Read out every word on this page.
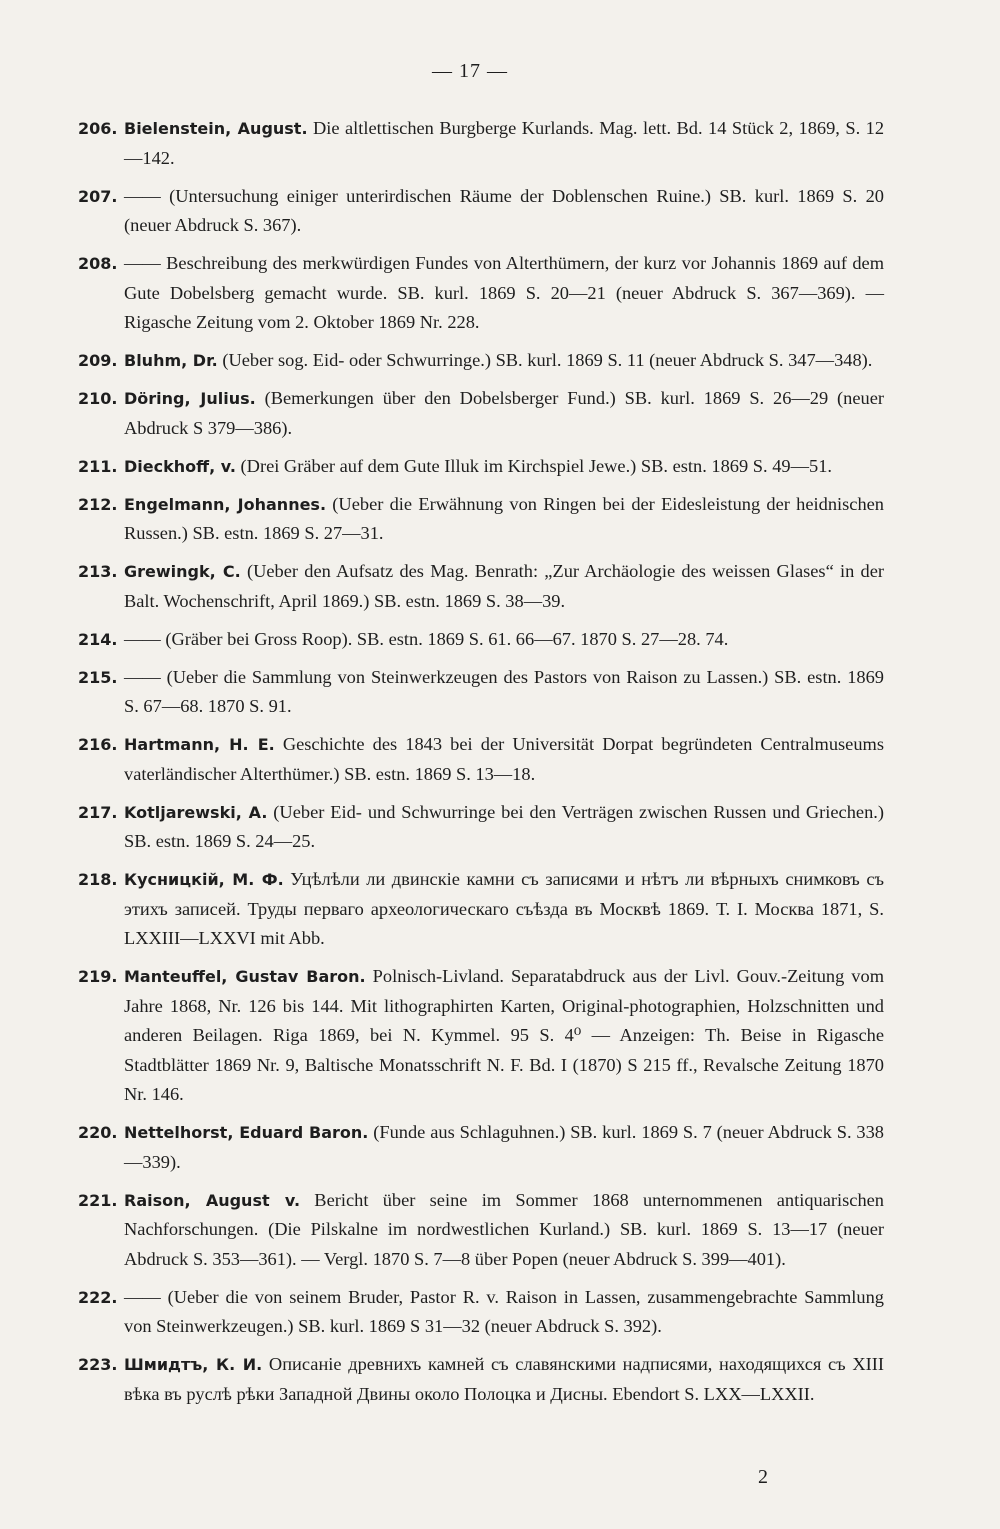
— 17 —
206. Bielenstein, August. Die altlettischen Burgberge Kurlands. Mag. lett. Bd. 14 Stück 2, 1869, S. 12—142.
207. —— (Untersuchung einiger unterirdischen Räume der Doblenschen Ruine.) SB. kurl. 1869 S. 20 (neuer Abdruck S. 367).
208. —— Beschreibung des merkwürdigen Fundes von Alterthümern, der kurz vor Johannis 1869 auf dem Gute Dobelsberg gemacht wurde. SB. kurl. 1869 S. 20—21 (neuer Abdruck S. 367—369). — Rigasche Zeitung vom 2. Oktober 1869 Nr. 228.
209. Bluhm, Dr. (Ueber sog. Eid- oder Schwurringe.) SB. kurl. 1869 S. 11 (neuer Abdruck S. 347—348).
210. Döring, Julius. (Bemerkungen über den Dobelsberger Fund.) SB. kurl. 1869 S. 26—29 (neuer Abdruck S 379—386).
211. Dieckhoff, v. (Drei Gräber auf dem Gute Illuk im Kirchspiel Jewe.) SB. estn. 1869 S. 49—51.
212. Engelmann, Johannes. (Ueber die Erwähnung von Ringen bei der Eidesleistung der heidnischen Russen.) SB. estn. 1869 S. 27—31.
213. Grewingk, C. (Ueber den Aufsatz des Mag. Benrath: „Zur Archäologie des weissen Glases“ in der Balt. Wochenschrift, April 1869.) SB. estn. 1869 S. 38—39.
214. —— (Gräber bei Gross Roop). SB. estn. 1869 S. 61. 66—67. 1870 S. 27—28. 74.
215. —— (Ueber die Sammlung von Steinwerkzeugen des Pastors von Raison zu Lassen.) SB. estn. 1869 S. 67—68. 1870 S. 91.
216. Hartmann, H. E. Geschichte des 1843 bei der Universität Dorpat begründeten Centralmuseums vaterländischer Alterthümer.) SB. estn. 1869 S. 13—18.
217. Kotljarewski, A. (Ueber Eid- und Schwurringe bei den Verträgen zwischen Russen und Griechen.) SB. estn. 1869 S. 24—25.
218. Кусницкій, М. Ф. Уцѣлѣли ли двинскіе камни съ записями и нѣтъ ли вѣрныхъ снимковъ съ этихъ записей. Труды перваго археологическаго съѣзда въ Москвѣ 1869. Т. I. Москва 1871, S. LXXIII—LXXVI mit Abb.
219. Manteuffel, Gustav Baron. Polnisch-Livland. Separatabdruck aus der Livl. Gouv.-Zeitung vom Jahre 1868, Nr. 126 bis 144. Mit lithographirten Karten, Original-photographien, Holzschnitten und anderen Beilagen. Riga 1869, bei N. Kymmel. 95 S. 4⁰ — Anzeigen: Th. Beise in Rigasche Stadtblätter 1869 Nr. 9, Baltische Monatsschrift N. F. Bd. I (1870) S 215 ff., Revalsche Zeitung 1870 Nr. 146.
220. Nettelhorst, Eduard Baron. (Funde aus Schlaguhnen.) SB. kurl. 1869 S. 7 (neuer Abdruck S. 338—339).
221. Raison, August v. Bericht über seine im Sommer 1868 unternommenen antiquarischen Nachforschungen. (Die Pilskalne im nordwestlichen Kurland.) SB. kurl. 1869 S. 13—17 (neuer Abdruck S. 353—361). — Vergl. 1870 S. 7—8 über Popen (neuer Abdruck S. 399—401).
222. —— (Ueber die von seinem Bruder, Pastor R. v. Raison in Lassen, zusammengebrachte Sammlung von Steinwerkzeugen.) SB. kurl. 1869 S 31—32 (neuer Abdruck S. 392).
223. Шмидтъ, К. И. Описаніе древнихъ камней съ славянскими надписями, находящихся съ XIII вѣка въ руслѣ рѣки Западной Двины около Полоцка и Дисны. Ebendort S. LXX—LXXII.
2
